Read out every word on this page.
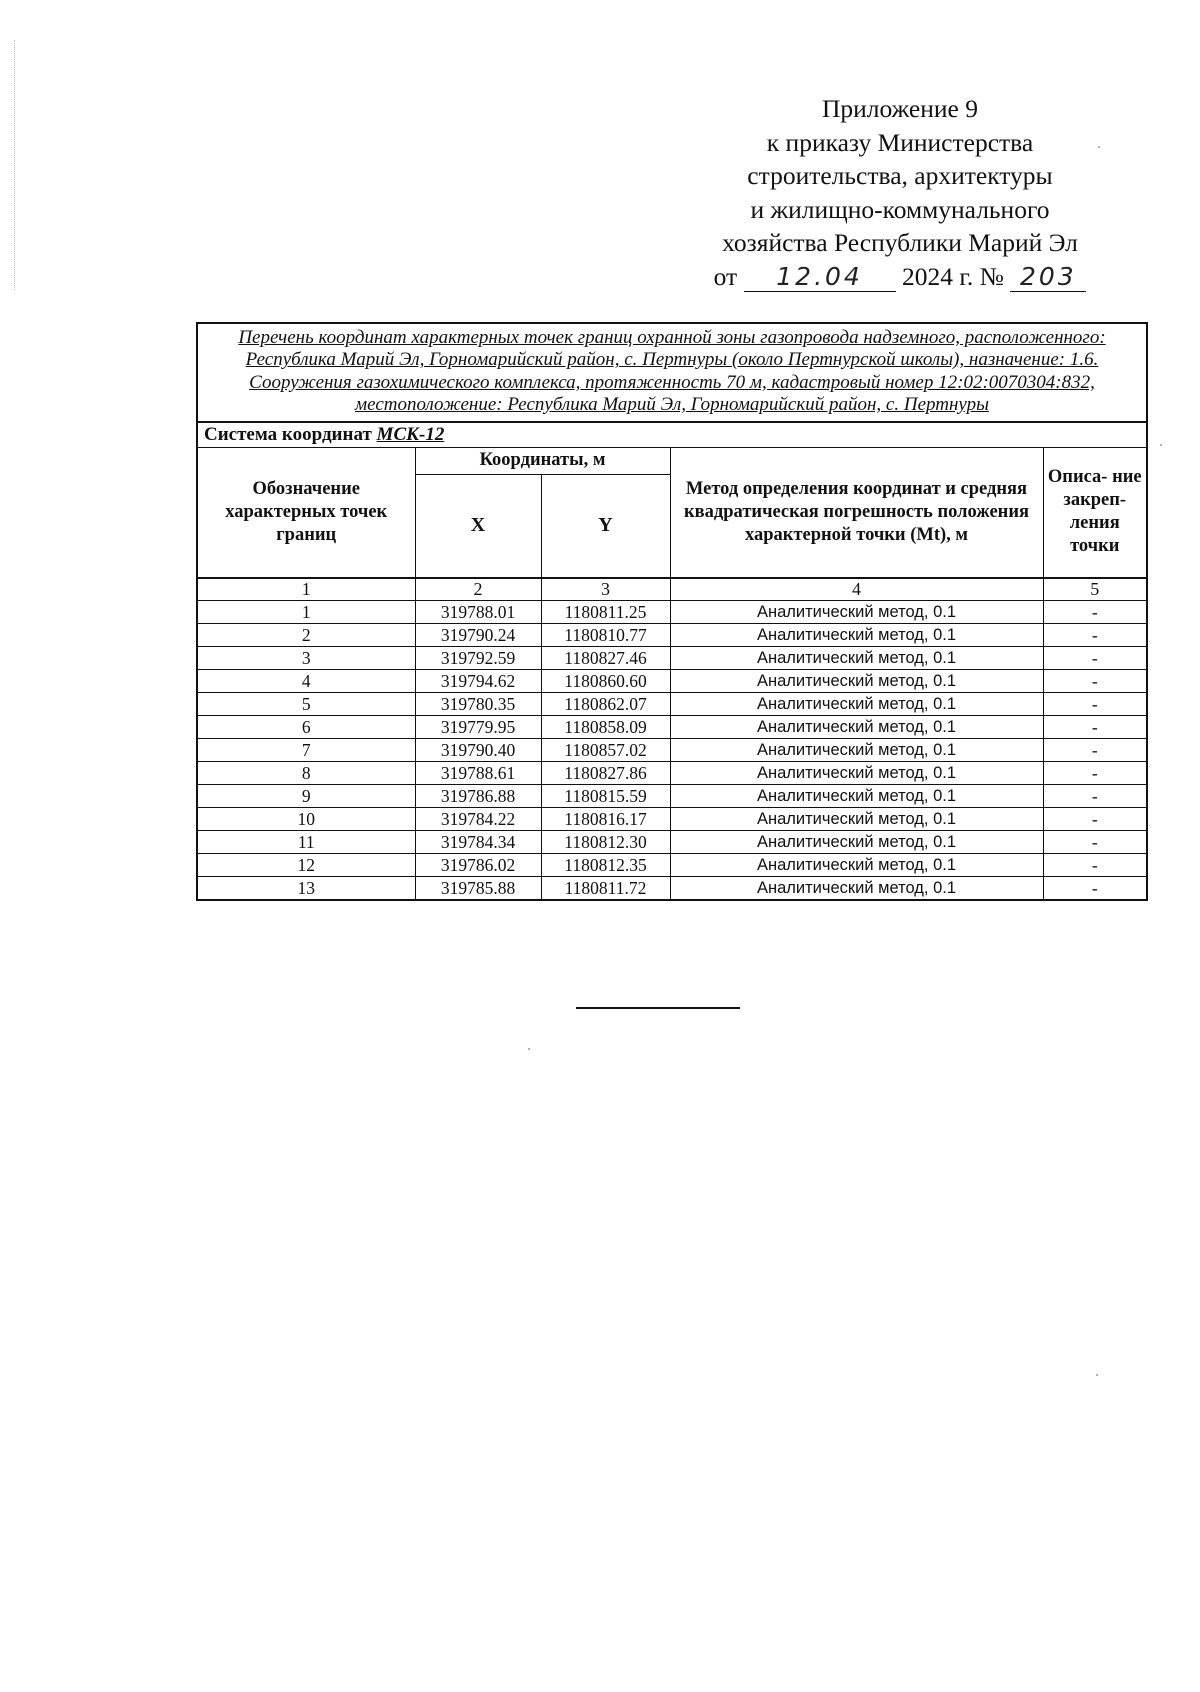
Приложение 9
к приказу Министерства
строительства, архитектуры
и жилищно-коммунального
хозяйства Республики Марий Эл
от 12.04 2024 г. № 203
Перечень координат характерных точек границ охранной зоны газопровода надземного, расположенного: Республика Марий Эл, Горномарийский район, с. Пертнуры (около Пертнурской школы), назначение: 1.6. Сооружения газохимического комплекса, протяженность 70 м, кадастровый номер 12:02:0070304:832, местоположение: Республика Марий Эл, Горномарийский район, с. Пертнуры				
Система координат МСК-12				
Обозначение характерных точек границ	Координаты, м		Метод определения координат и средняя квадратическая погрешность положения характерной точки (Mt), м	Описа- ние закреп- ления точки
	X	Y		
1	2	3	4	5
1	319788.01	1180811.25	Аналитический метод, 0.1	-
2	319790.24	1180810.77	Аналитический метод, 0.1	-
3	319792.59	1180827.46	Аналитический метод, 0.1	-
4	319794.62	1180860.60	Аналитический метод, 0.1	-
5	319780.35	1180862.07	Аналитический метод, 0.1	-
6	319779.95	1180858.09	Аналитический метод, 0.1	-
7	319790.40	1180857.02	Аналитический метод, 0.1	-
8	319788.61	1180827.86	Аналитический метод, 0.1	-
9	319786.88	1180815.59	Аналитический метод, 0.1	-
10	319784.22	1180816.17	Аналитический метод, 0.1	-
11	319784.34	1180812.30	Аналитический метод, 0.1	-
12	319786.02	1180812.35	Аналитический метод, 0.1	-
13	319785.88	1180811.72	Аналитический метод, 0.1	-
